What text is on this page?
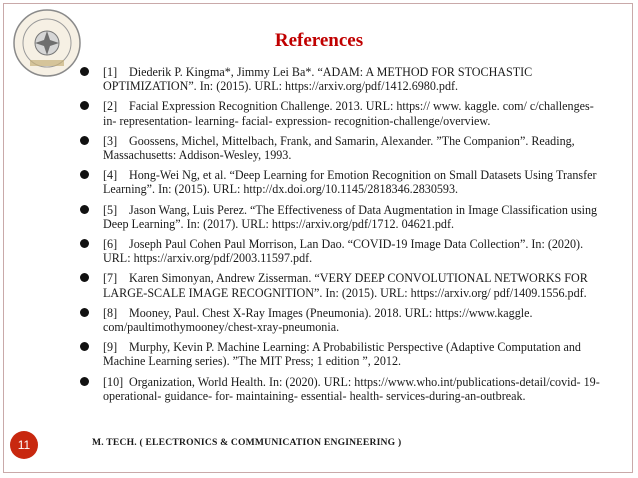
References
[1] Diederik P. Kingma*, Jimmy Lei Ba*. “ADAM: A METHOD FOR STOCHASTIC OPTIMIZATION”. In: (2015). URL: https://arxiv.org/pdf/1412.6980.pdf.
[2] Facial Expression Recognition Challenge. 2013. URL: https:// www. kaggle. com/ c/challenges- in- representation- learning- facial- expression- recognition-challenge/overview.
[3] Goossens, Michel, Mittelbach, Frank, and Samarin, Alexander. ”The Companion”. Reading, Massachusetts: Addison-Wesley, 1993.
[4] Hong-Wei Ng, et al. “Deep Learning for Emotion Recognition on Small Datasets Using Transfer Learning”. In: (2015). URL: http://dx.doi.org/10.1145/2818346.2830593.
[5] Jason Wang, Luis Perez. “The Effectiveness of Data Augmentation in Image Classification using Deep Learning”. In: (2017). URL: https://arxiv.org/pdf/1712. 04621.pdf.
[6] Joseph Paul Cohen Paul Morrison, Lan Dao. “COVID-19 Image Data Collection”. In: (2020). URL: https://arxiv.org/pdf/2003.11597.pdf.
[7] Karen Simonyan, Andrew Zisserman. “VERY DEEP CONVOLUTIONAL NETWORKS FOR LARGE-SCALE IMAGE RECOGNITION”. In: (2015). URL: https://arxiv.org/ pdf/1409.1556.pdf.
[8] Mooney, Paul. Chest X-Ray Images (Pneumonia). 2018. URL: https://www.kaggle. com/paultimothymooney/chest-xray-pneumonia.
[9] Murphy, Kevin P. Machine Learning: A Probabilistic Perspective (Adaptive Computation and Machine Learning series). ”The MIT Press; 1 edition ”, 2012.
[10] Organization, World Health. In: (2020). URL: https://www.who.int/publications-detail/covid- 19- operational- guidance- for- maintaining- essential- health- services-during-an-outbreak.
11	M. TECH. ( ELECTRONICS & COMMUNICATION ENGINEERING )
